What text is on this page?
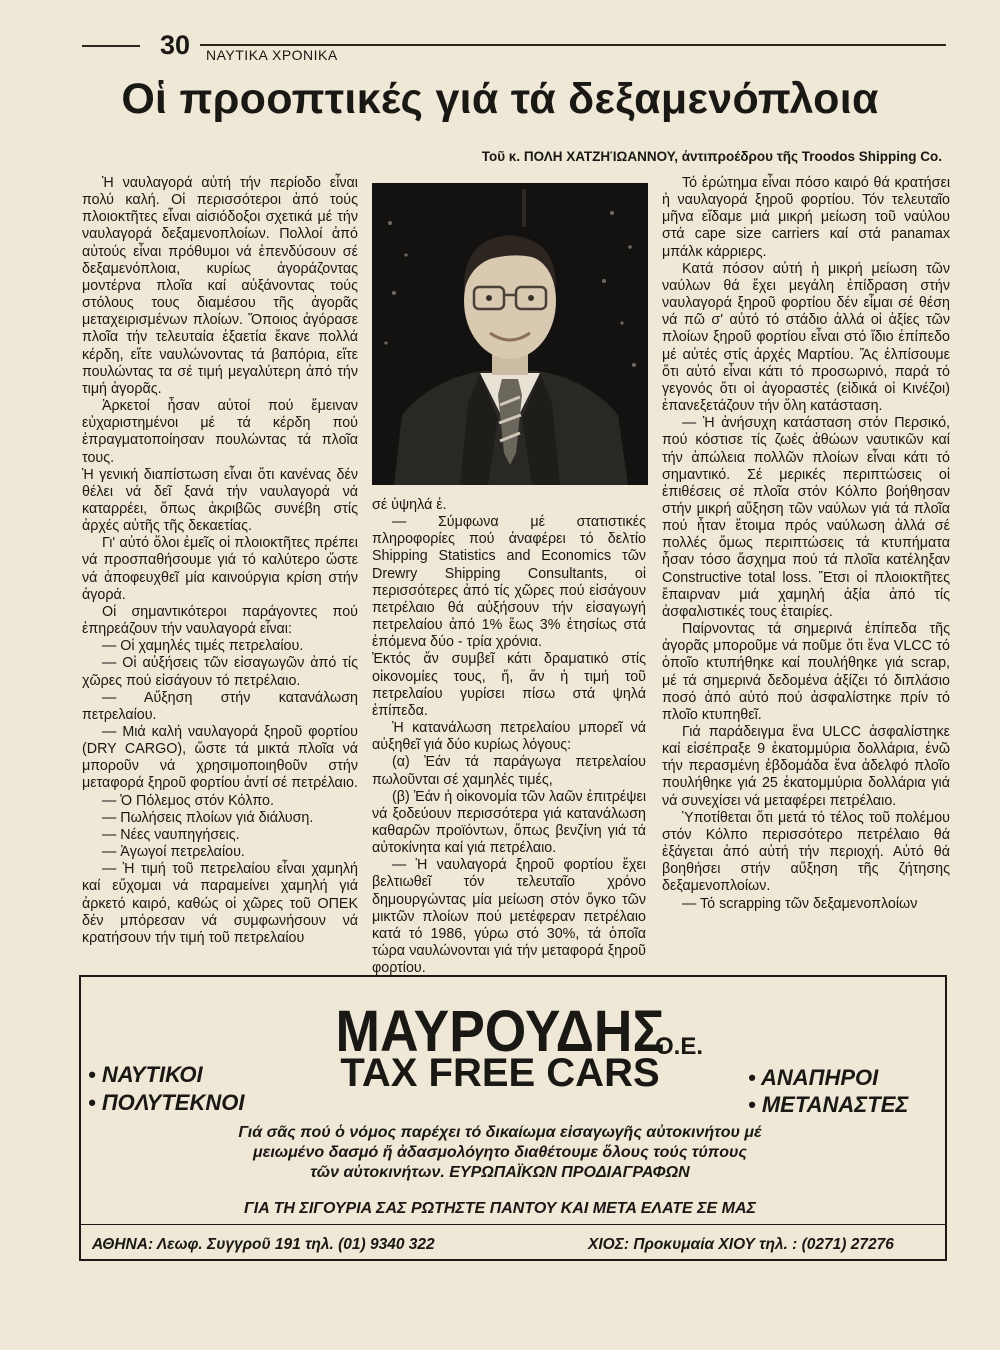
30 ΝΑΥΤΙΚΑ ΧΡΟΝΙΚΑ
Οἱ προοπτικές γιά τά δεξαμενόπλοια
Τοῦ κ. ΠΟΛΗ ΧΑΤΖΗΊΩΑΝΝΟΥ, ἀντιπροέδρου τῆς Troodos Shipping Co.

Ἡ ναυλαγορά αὐτή τήν περίοδο εἶναι πολύ καλή. Οἱ περισσότεροι ἀπό τούς πλοιοκτῆτες εἶναι αἰσιόδοξοι σχετικά μέ τήν ναυλαγορά δεξαμενοπλοίων. Πολλοί ἀπό αὐτούς εἶναι πρόθυμοι νά ἐπενδύσουν σέ δεξαμενόπλοια, κυρίως ἀγοράζοντας μοντέρνα πλοῖα καί αὐξάνοντας τούς στόλους τους διαμέσου τῆς ἀγορᾶς μεταχειρισμένων πλοίων. Ὅποιος ἀγόρασε πλοῖα τήν τελευταία ἑξαετία ἔκανε πολλά κέρδη, εἴτε ναυλώνοντας τά βαπόρια, εἴτε πουλώντας τα σέ τιμή μεγαλύτερη ἀπό τήν τιμή ἀγορᾶς.

Ἀρκετοί ἦσαν αὐτοί πού ἔμειναν εὐχαριστημένοι μέ τά κέρδη πού ἐπραγματοποίησαν πουλώντας τά πλοῖα τους.

Ἡ γενική διαπίστωση εἶναι ὅτι κανένας δέν θέλει νά δεῖ ξανά τήν ναυλαγορά νά καταρρέει, ὅπως ἀκριβῶς συνέβη στίς ἀρχές αὐτῆς τῆς δεκαετίας.

Γι' αὐτό ὅλοι ἐμεῖς οἱ πλοιοκτῆτες πρέπει νά προσπαθήσουμε γιά τό καλύτερο ὥστε νά ἀποφευχθεῖ μία καινούργια κρίση στήν ἀγορά.

Οἱ σημαντικότεροι παράγοντες πού ἐπηρεάζουν τήν ναυλαγορά εἶναι:

— Οἱ χαμηλές τιμές πετρελαίου.

— Οἱ αὐξήσεις τῶν εἰσαγωγῶν ἀπό τίς χῶρες πού εἰσάγουν τό πετρέλαιο.

— Αὔξηση στήν κατανάλωση πετρελαίου.

— Μιά καλή ναυλαγορά ξηροῦ φορτίου (DRY CARGO), ὥστε τά μικτά πλοῖα νά μποροῦν νά χρησιμοποιηθοῦν στήν μεταφορά ξηροῦ φορτίου ἀντί σέ πετρέλαιο.

— Ὁ Πόλεμος στόν Κόλπο.

— Πωλήσεις πλοίων γιά διάλυση.

— Νέες ναυπηγήσεις.

— Ἀγωγοί πετρελαίου.

— Ἡ τιμή τοῦ πετρελαίου εἶναι χαμηλή καί εὔχομαι νά παραμείνει χαμηλή γιά ἀρκετό καιρό, καθώς οἱ χῶρες τοῦ ΟΠΕΚ δέν μπόρεσαν νά συμφωνήσουν νά κρατήσουν τήν τιμή τοῦ πετρελαίου

σέ ὑψηλά ἐ.

— Σύμφωνα μέ στατιστικές πληροφορίες πού ἀναφέρει τό δελτίο Shipping Statistics and Economics τῶν Drewry Shipping Consultants, οἱ περισσότερες ἀπό τίς χῶρες πού εἰσάγουν πετρέλαιο θά αὐξήσουν τήν εἰσαγωγή πετρελαίου ἀπό 1% ἕως 3% ἐτησίως στά ἑπόμενα δύο - τρία χρόνια.

Ἐκτός ἄν συμβεῖ κάτι δραματικό στίς οἰκονομίες τους, ἤ, ἄν ἡ τιμή τοῦ πετρελαίου γυρίσει πίσω στά ψηλά ἐπίπεδα.

Ἡ κατανάλωση πετρελαίου μπορεῖ νά αὐξηθεῖ γιά δύο κυρίως λόγους:

(α) Ἐάν τά παράγωγα πετρελαίου πωλοῦνται σέ χαμηλές τιμές,

(β) Ἐάν ἡ οἰκονομία τῶν λαῶν ἐπιτρέψει νά ξοδεύουν περισσότερα γιά κατανάλωση καθαρῶν προϊόντων, ὅπως βενζίνη γιά τά αὐτοκίνητα καί γιά πετρέλαιο.

— Ἡ ναυλαγορά ξηροῦ φορτίου ἔχει βελτιωθεῖ τόν τελευταῖο χρόνο δημουργώντας μία μείωση στόν ὄγκο τῶν μικτῶν πλοίων πού μετέφεραν πετρέλαιο κατά τό 1986, γύρω στό 30%, τά ὁποῖα τώρα ναυλώνονται γιά τήν μεταφορά ξηροῦ φορτίου.

Τό ἐρώτημα εἶναι πόσο καιρό θά κρατήσει ἡ ναυλαγορά ξηροῦ φορτίου. Τόν τελευταῖο μῆνα εἴδαμε μιά μικρή μείωση τοῦ ναύλου στά cape size carriers καί στά panamax μπάλκ κάρριερς.

Κατά πόσον αὐτή ἡ μικρή μείωση τῶν ναύλων θά ἔχει μεγάλη ἐπίδραση στήν ναυλαγορά ξηροῦ φορτίου δέν εἶμαι σέ θέση νά πῶ σ' αὐτό τό στάδιο ἀλλά οἱ ἀξίες τῶν πλοίων ξηροῦ φορτίου εἶναι στό ἴδιο ἐπίπεδο μέ αὐτές στίς ἀρχές Μαρτίου. Ἄς ἐλπίσουμε ὅτι αὐτό εἶναι κάτι τό προσωρινό, παρά τό γεγονός ὅτι οἱ ἀγοραστές (εἰδικά οἱ Κινέζοι) ἐπανεξετάζουν τήν ὅλη κατάσταση.

— Ἡ ἀνήσυχη κατάσταση στόν Περσικό, πού κόστισε τίς ζωές ἀθώων ναυτικῶν καί τήν ἀπώλεια πολλῶν πλοίων εἶναι κάτι τό σημαντικό. Σέ μερικές περιπτώσεις οἱ ἐπιθέσεις σέ πλοῖα στόν Κόλπο βοήθησαν στήν μικρή αὔξηση τῶν ναύλων γιά τά πλοῖα πού ἦταν ἕτοιμα πρός ναύλωση ἀλλά σέ πολλές ὅμως περιπτώσεις τά κτυπήματα ἦσαν τόσο ἄσχημα πού τά πλοῖα κατέληξαν Constructive total loss. Ἔτσι οἱ πλοιοκτῆτες ἔπαιρναν μιά χαμηλή ἀξία ἀπό τίς ἀσφαλιστικές τους ἑταιρίες.

Παίρνοντας τά σημερινά ἐπίπεδα τῆς ἀγορᾶς μποροῦμε νά ποῦμε ὅτι ἕνα VLCC τό ὁποῖο κτυπήθηκε καί πουλήθηκε γιά scrap, μέ τά σημερινά δεδομένα ἀξίζει τό διπλάσιο ποσό ἀπό αὐτό πού ἀσφαλίστηκε πρίν τό πλοῖο κτυπηθεῖ.

Γιά παράδειγμα ἕνα ULCC ἀσφαλίστηκε καί εἰσέπραξε 9 ἑκατομμύρια δολλάρια, ἐνῶ τήν περασμένη ἑβδομάδα ἕνα ἀδελφό πλοῖο πουλήθηκε γιά 25 ἑκατομμύρια δολλάρια γιά νά συνεχίσει νά μεταφέρει πετρέλαιο.

Ὑποτίθεται ὅτι μετά τό τέλος τοῦ πολέμου στόν Κόλπο περισσότερο πετρέλαιο θά ἐξάγεται ἀπό αὐτή τήν περιοχή. Αὐτό θά βοηθήσει στήν αὔξηση τῆς ζήτησης δεξαμενοπλοίων.

— Τό scrapping τῶν δεξαμενοπλοίων

ΜΑΥΡΟΥΔΗΣ
Ο.Ε.
TAX FREE CARS
• ΝΑΥΤΙΚΟΙ
• ΠΟΛΥΤΕΚΝΟΙ
• ΑΝΑΠΗΡΟΙ
• ΜΕΤΑΝΑΣΤΕΣ
Γιά σᾶς πού ὁ νόμος παρέχει τό δικαίωμα εἰσαγωγῆς αὐτοκινήτου μέ
μειωμένο δασμό ἤ ἀδασμολόγητο διαθέτουμε ὅλους τούς τύπους
τῶν αὐτοκινήτων. ΕΥΡΩΠΑΪΚΩΝ ΠΡΟΔΙΑΓΡΑΦΩΝ
ΓΙΑ ΤΗ ΣΙΓΟΥΡΙΑ ΣΑΣ ΡΩΤΗΣΤΕ ΠΑΝΤΟΥ ΚΑΙ ΜΕΤΑ ΕΛΑΤΕ ΣΕ ΜΑΣ
ΑΘΗΝΑ: Λεωφ. Συγγροῦ 191 τηλ. (01) 9340 322	ΧΙΟΣ: Προκυμαία ΧΙΟΥ τηλ. : (0271) 27276
